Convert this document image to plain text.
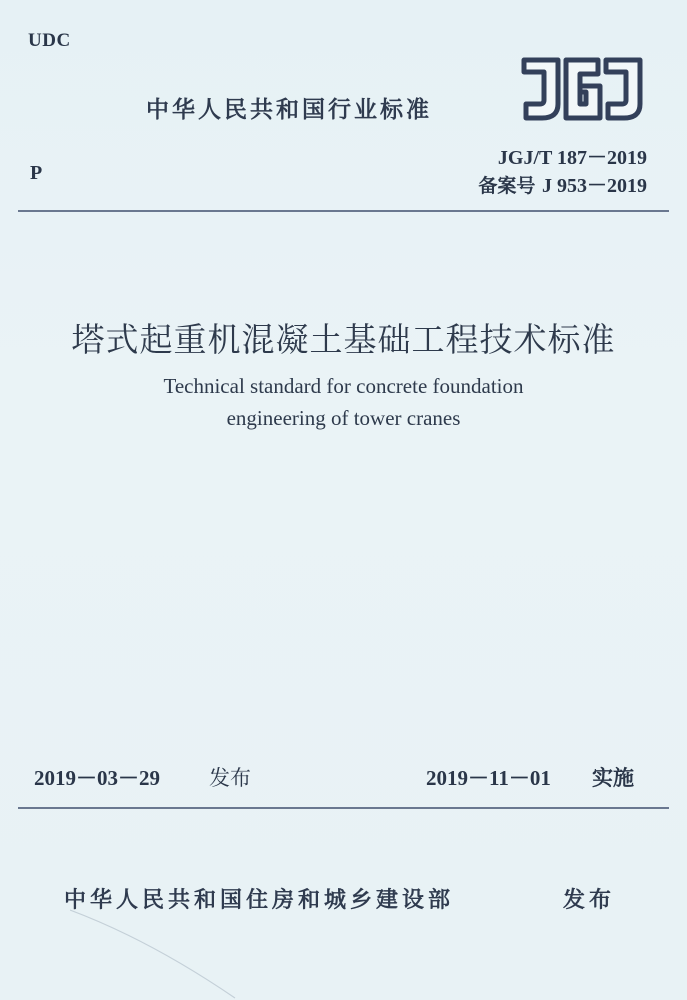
UDC
P
中华人民共和国行业标准
JGJ/T 187－2019
备案号 J 953－2019
塔式起重机混凝土基础工程技术标准
Technical standard for concrete foundation
engineering of tower cranes
2019－03－29 发布	2019－11－01 实施
中华人民共和国住房和城乡建设部	发布
